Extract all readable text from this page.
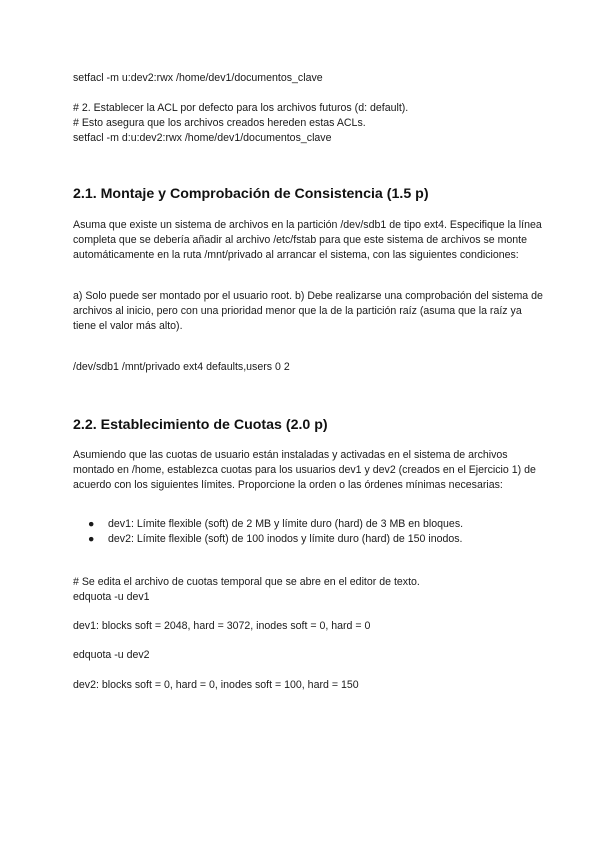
setfacl -m u:dev2:rwx /home/dev1/documentos_clave
# 2. Establecer la ACL por defecto para los archivos futuros (d: default).
# Esto asegura que los archivos creados hereden estas ACLs.
setfacl -m d:u:dev2:rwx /home/dev1/documentos_clave
2.1. Montaje y Comprobación de Consistencia (1.5 p)
Asuma que existe un sistema de archivos en la partición /dev/sdb1 de tipo ext4. Especifique la línea completa que se debería añadir al archivo /etc/fstab para que este sistema de archivos se monte automáticamente en la ruta /mnt/privado al arrancar el sistema, con las siguientes condiciones:
a) Solo puede ser montado por el usuario root. b) Debe realizarse una comprobación del sistema de archivos al inicio, pero con una prioridad menor que la de la partición raíz (asuma que la raíz ya tiene el valor más alto).
/dev/sdb1 /mnt/privado ext4 defaults,users 0 2
2.2. Establecimiento de Cuotas (2.0 p)
Asumiendo que las cuotas de usuario están instaladas y activadas en el sistema de archivos montado en /home, establezca cuotas para los usuarios dev1 y dev2 (creados en el Ejercicio 1) de acuerdo con los siguientes límites. Proporcione la orden o las órdenes mínimas necesarias:
● dev1: Límite flexible (soft) de 2 MB y límite duro (hard) de 3 MB en bloques.
● dev2: Límite flexible (soft) de 100 inodos y límite duro (hard) de 150 inodos.
# Se edita el archivo de cuotas temporal que se abre en el editor de texto.
edquota -u dev1
dev1: blocks soft = 2048, hard = 3072, inodes soft = 0, hard = 0
edquota -u dev2
dev2: blocks soft = 0, hard = 0, inodes soft = 100, hard = 150
